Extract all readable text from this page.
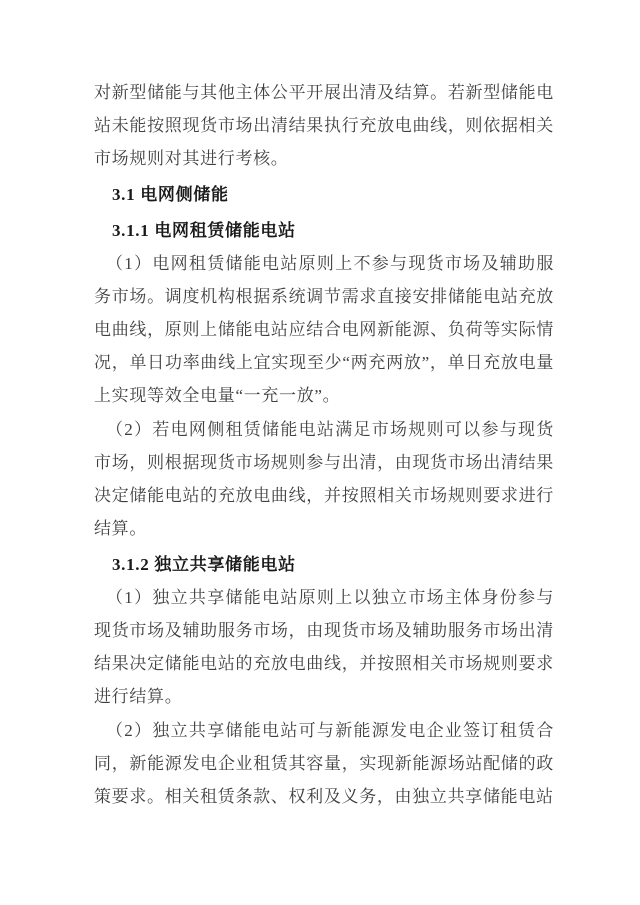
对新型储能与其他主体公平开展出清及结算。若新型储能电站未能按照现货市场出清结果执行充放电曲线，则依据相关市场规则对其进行考核。

3.1 电网侧储能
3.1.1 电网租赁储能电站

（1）电网租赁储能电站原则上不参与现货市场及辅助服务市场。调度机构根据系统调节需求直接安排储能电站充放电曲线，原则上储能电站应结合电网新能源、负荷等实际情况，单日功率曲线上宜实现至少“两充两放”，单日充放电量上实现等效全电量“一充一放”。

（2）若电网侧租赁储能电站满足市场规则可以参与现货市场，则根据现货市场规则参与出清，由现货市场出清结果决定储能电站的充放电曲线，并按照相关市场规则要求进行结算。

3.1.2 独立共享储能电站

（1）独立共享储能电站原则上以独立市场主体身份参与现货市场及辅助服务市场，由现货市场及辅助服务市场出清结果决定储能电站的充放电曲线，并按照相关市场规则要求进行结算。

（2）独立共享储能电站可与新能源发电企业签订租赁合同，新能源发电企业租赁其容量，实现新能源场站配储的政策要求。相关租赁条款、权利及义务，由独立共享储能电站
